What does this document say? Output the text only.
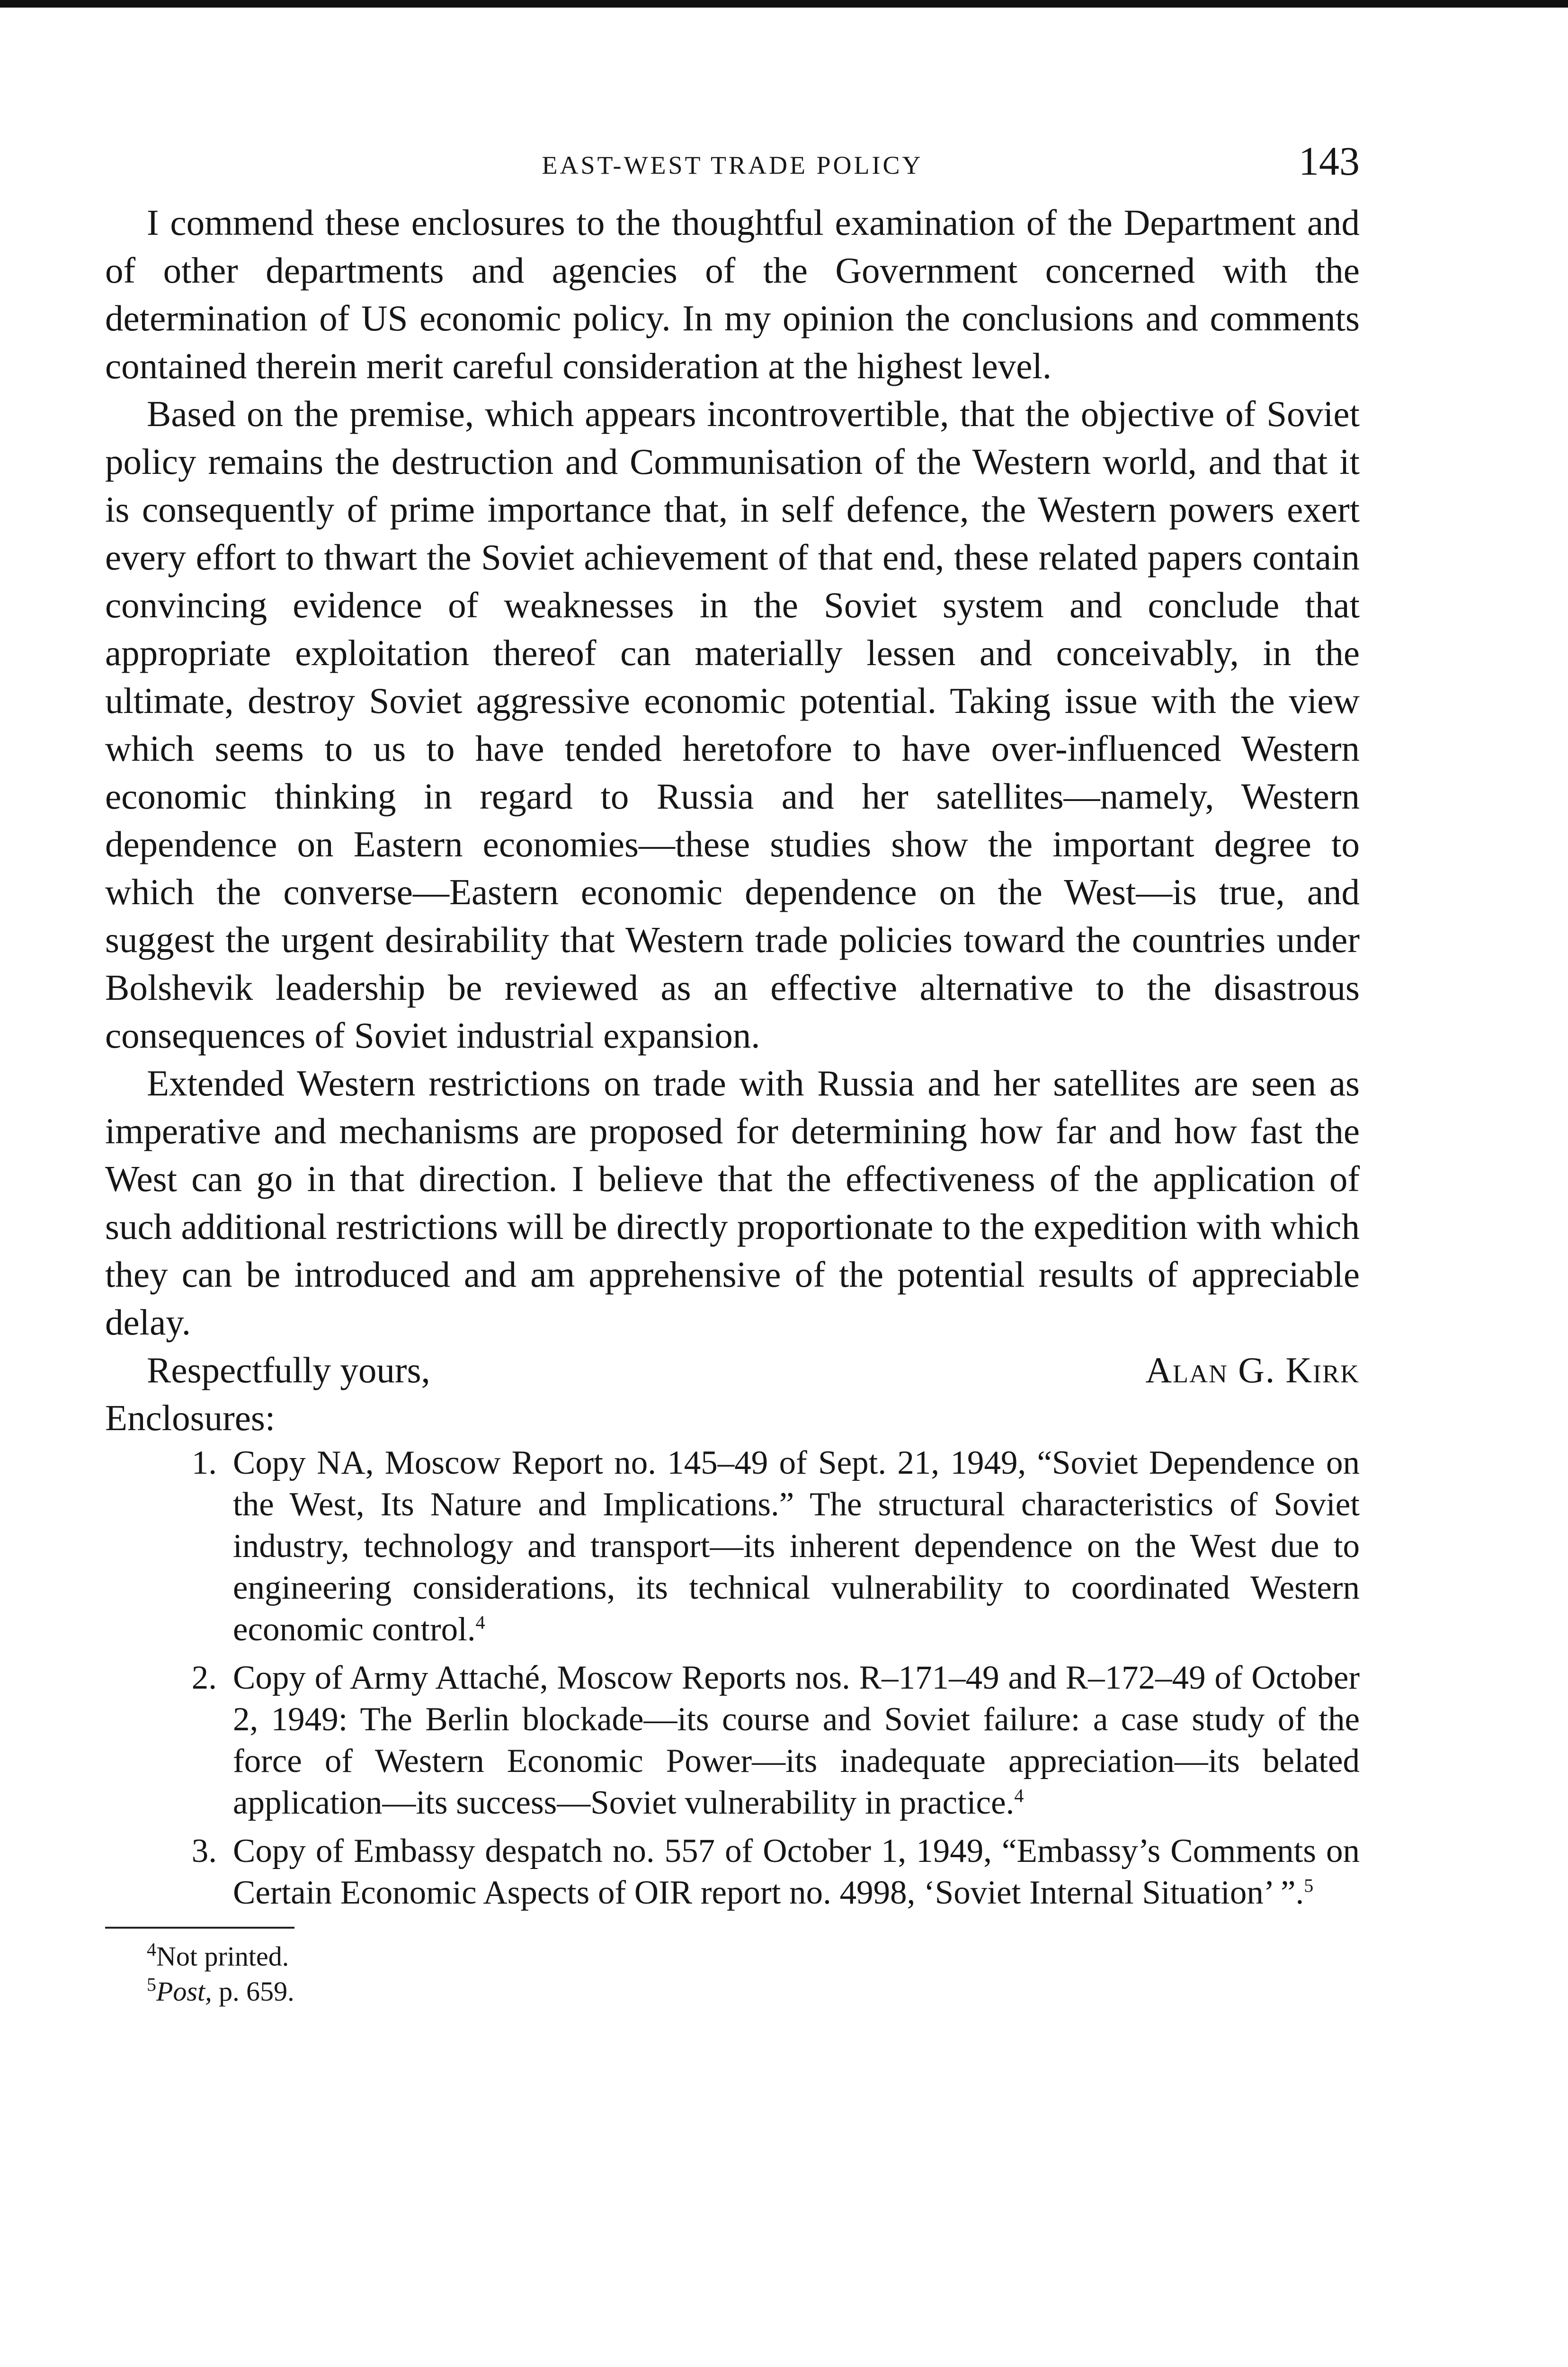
EAST-WEST TRADE POLICY	143

I commend these enclosures to the thoughtful examination of the Department and of other departments and agencies of the Government concerned with the determination of US economic policy. In my opinion the conclusions and comments contained therein merit careful consideration at the highest level.

Based on the premise, which appears incontrovertible, that the objective of Soviet policy remains the destruction and Communisation of the Western world, and that it is consequently of prime importance that, in self defence, the Western powers exert every effort to thwart the Soviet achievement of that end, these related papers contain convincing evidence of weaknesses in the Soviet system and conclude that appropriate exploitation thereof can materially lessen and conceivably, in the ultimate, destroy Soviet aggressive economic potential. Taking issue with the view which seems to us to have tended heretofore to have over-influenced Western economic thinking in regard to Russia and her satellites—namely, Western dependence on Eastern economies—these studies show the important degree to which the converse—Eastern economic dependence on the West—is true, and suggest the urgent desirability that Western trade policies toward the countries under Bolshevik leadership be reviewed as an effective alternative to the disastrous consequences of Soviet industrial expansion.

Extended Western restrictions on trade with Russia and her satellites are seen as imperative and mechanisms are proposed for determining how far and how fast the West can go in that direction. I believe that the effectiveness of the application of such additional restrictions will be directly proportionate to the expedition with which they can be introduced and am apprehensive of the potential results of appreciable delay.

Respectfully yours,	Alan G. Kirk

Enclosures:

1. Copy NA, Moscow Report no. 145–49 of Sept. 21, 1949, “Soviet Dependence on the West, Its Nature and Implications.” The structural characteristics of Soviet industry, technology and transport—its inherent dependence on the West due to engineering considerations, its technical vulnerability to coordinated Western economic control.$^4$
2. Copy of Army Attaché, Moscow Reports nos. R–171–49 and R–172–49 of October 2, 1949: The Berlin blockade—its course and Soviet failure: a case study of the force of Western Economic Power—its inadequate appreciation—its belated application—its success—Soviet vulnerability in practice.$^4$
3. Copy of Embassy despatch no. 557 of October 1, 1949, “Embassy’s Comments on Certain Economic Aspects of OIR report no. 4998, ‘Soviet Internal Situation’ ”.$^5$

$^4$Not printed.

$^5$Post, p. 659.
